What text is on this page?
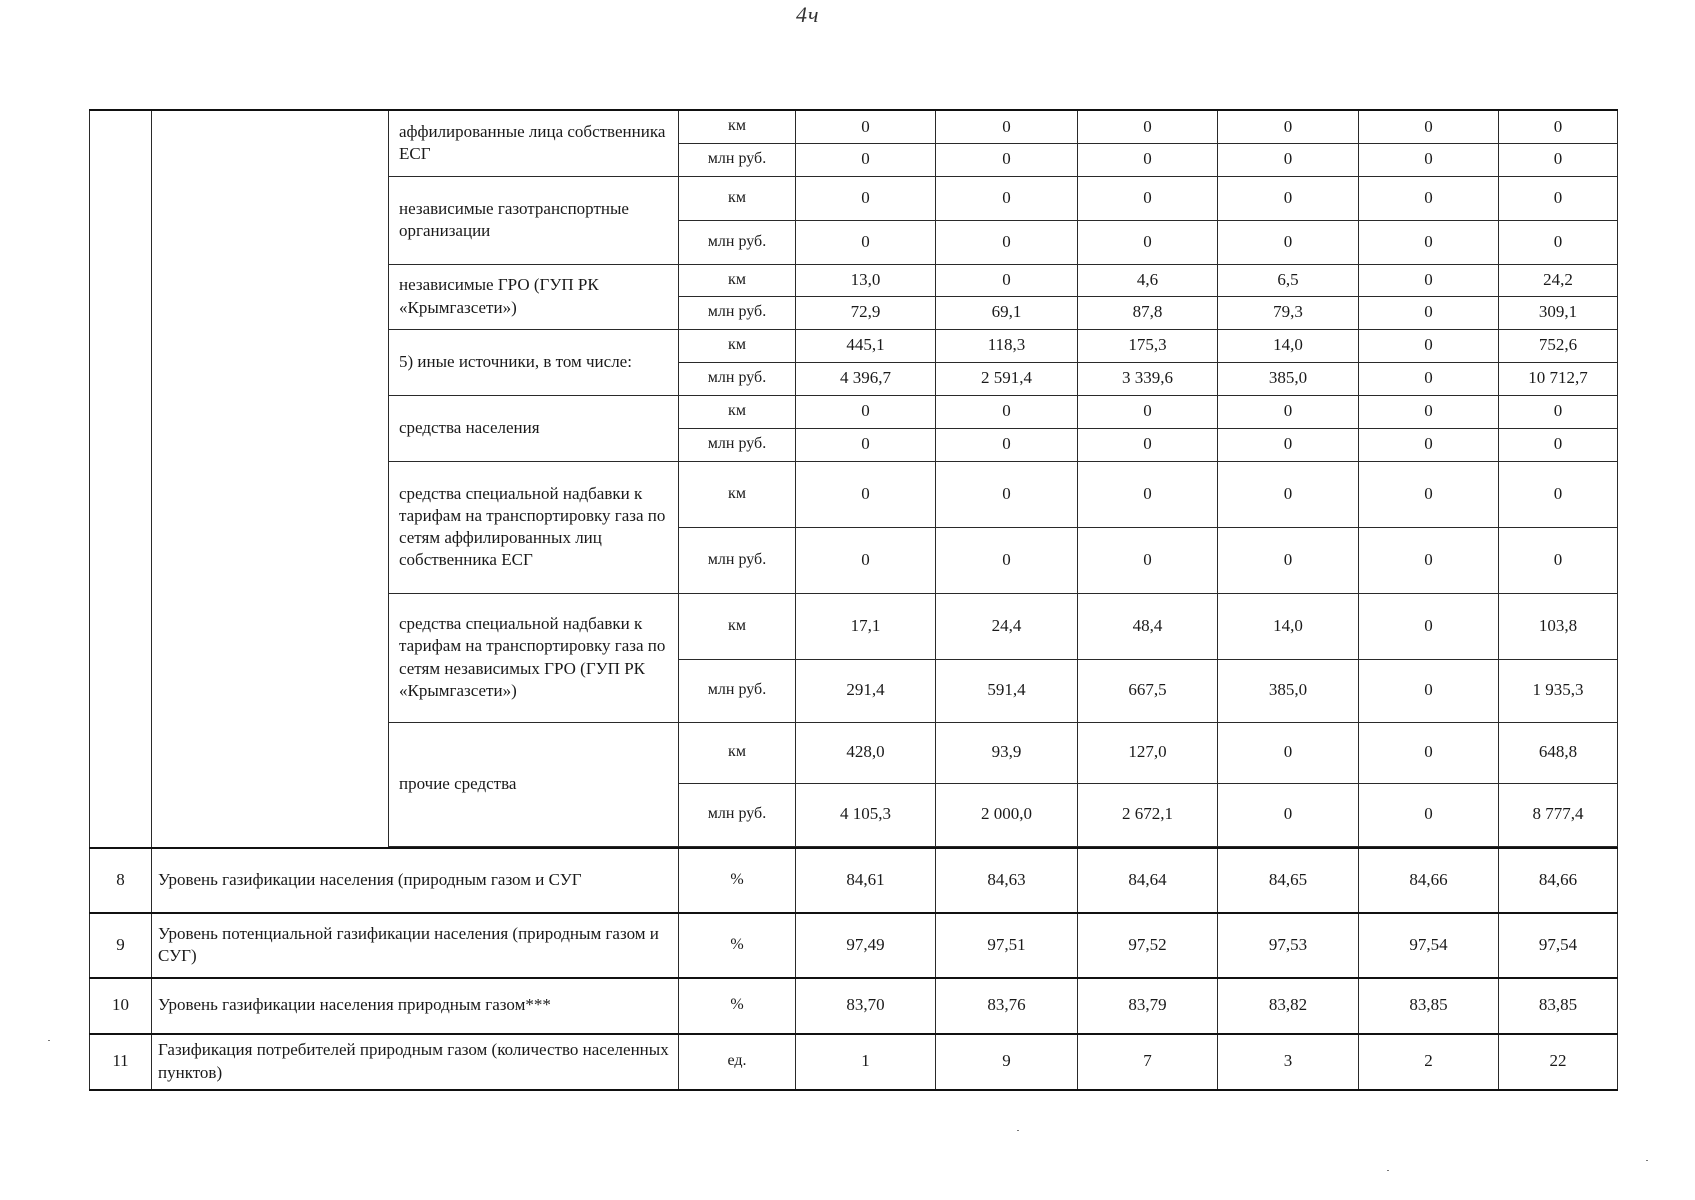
4ч
		аффилированные лица собственника ЕСГ	км	0	0	0	0	0	0
			млн руб.	0	0	0	0	0	0
		независимые газотранспортные организации	км	0	0	0	0	0	0
			млн руб.	0	0	0	0	0	0
		независимые ГРО (ГУП РК «Крымгазсети»)	км	13,0	0	4,6	6,5	0	24,2
			млн руб.	72,9	69,1	87,8	79,3	0	309,1
		5) иные источники, в том числе:	км	445,1	118,3	175,3	14,0	0	752,6
			млн руб.	4 396,7	2 591,4	3 339,6	385,0	0	10 712,7
		средства населения	км	0	0	0	0	0	0
			млн руб.	0	0	0	0	0	0
		средства специальной надбавки к тарифам на транспортировку газа по сетям аффилированных лиц собственника ЕСГ	км	0	0	0	0	0	0
			млн руб.	0	0	0	0	0	0
		средства специальной надбавки к тарифам на транспортировку газа по сетям независимых ГРО (ГУП РК «Крымгазсети»)	км	17,1	24,4	48,4	14,0	0	103,8
			млн руб.	291,4	591,4	667,5	385,0	0	1 935,3
		прочие средства	км	428,0	93,9	127,0	0	0	648,8
			млн руб.	4 105,3	2 000,0	2 672,1	0	0	8 777,4

8	Уровень газификации населения (природным газом и СУГ		%	84,61	84,63	84,64	84,65	84,66	84,66
9	Уровень потенциальной газификации населения (природным газом и СУГ)		%	97,49	97,51	97,52	97,53	97,54	97,54
10	Уровень газификации населения природным газом***		%	83,70	83,76	83,79	83,82	83,85	83,85
11	Газификация потребителей природным газом (количество населенных пунктов)		ед.	1	9	7	3	2	22
